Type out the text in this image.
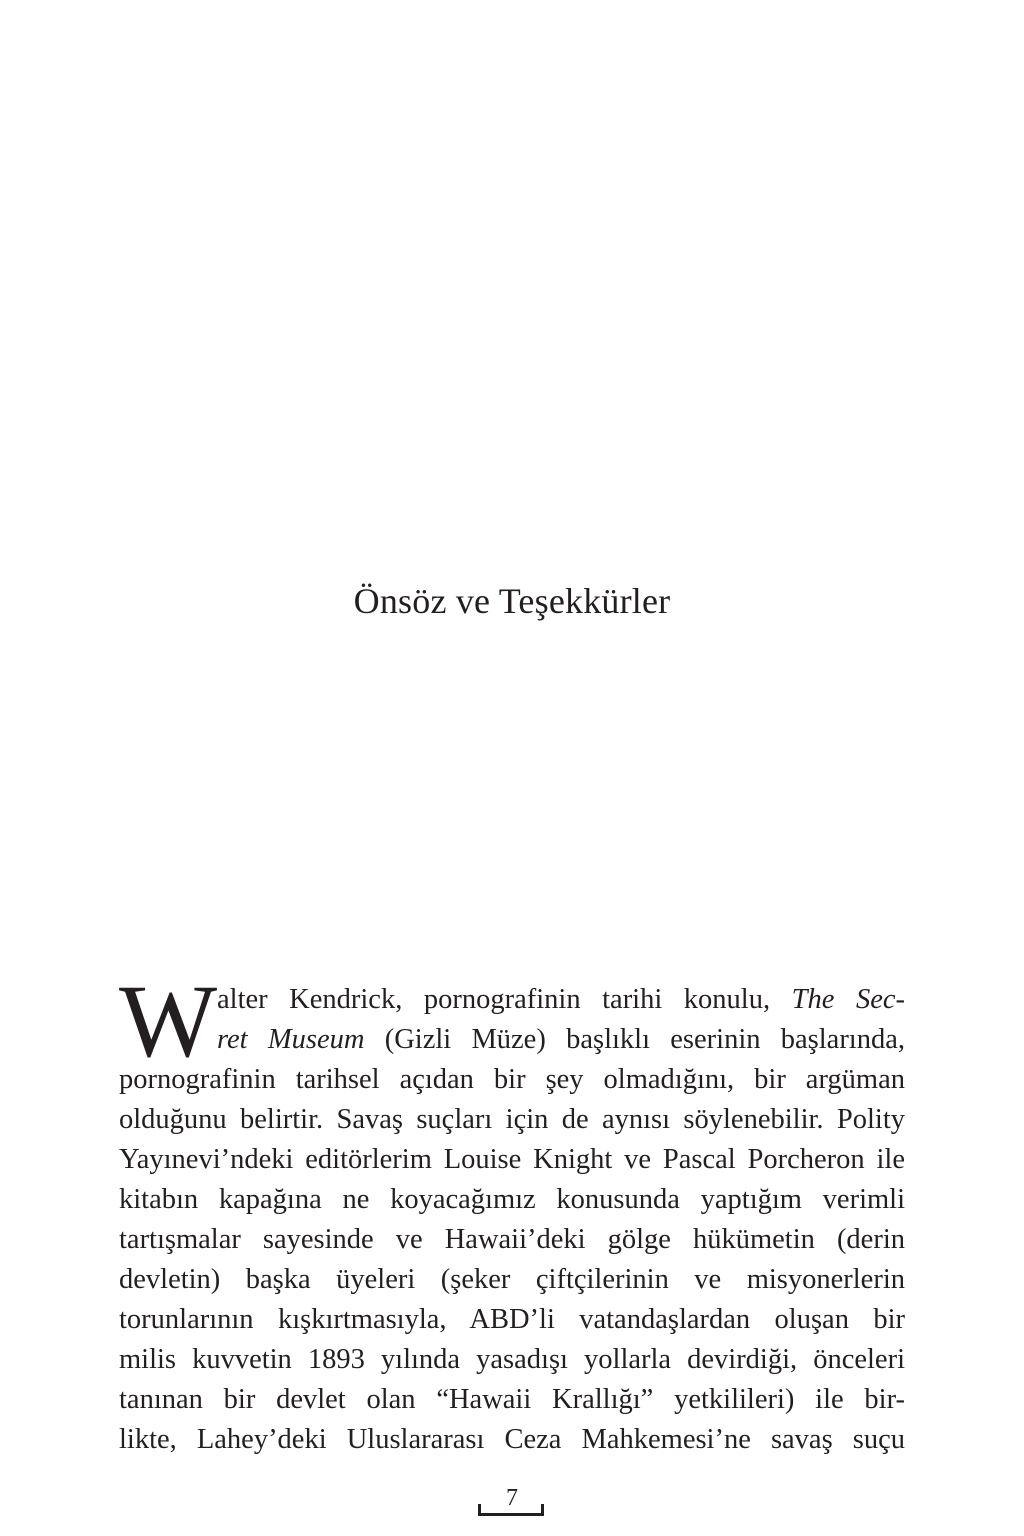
Önsöz ve Teşekkürler
W alter Kendrick, pornografinin tarihi konulu, The Sec-
ret Museum (Gizli Müze) başlıklı eserinin başlarında,
pornografinin tarihsel açıdan bir şey olmadığını, bir argüman
olduğunu belirtir. Savaş suçları için de aynısı söylenebilir. Polity
Yayınevi’ndeki editörlerim Louise Knight ve Pascal Porcheron ile
kitabın kapağına ne koyacağımız konusunda yaptığım verimli
tartışmalar sayesinde ve Hawaii’deki gölge hükümetin (derin
devletin) başka üyeleri (şeker çiftçilerinin ve misyonerlerin
torunlarının kışkırtmasıyla, ABD’li vatandaşlardan oluşan bir
milis kuvvetin 1893 yılında yasadışı yollarla devirdiği, önceleri
tanınan bir devlet olan “Hawaii Krallığı” yetkilileri) ile bir-
likte, Lahey’deki Uluslararası Ceza Mahkemesi’ne savaş suçu
7
